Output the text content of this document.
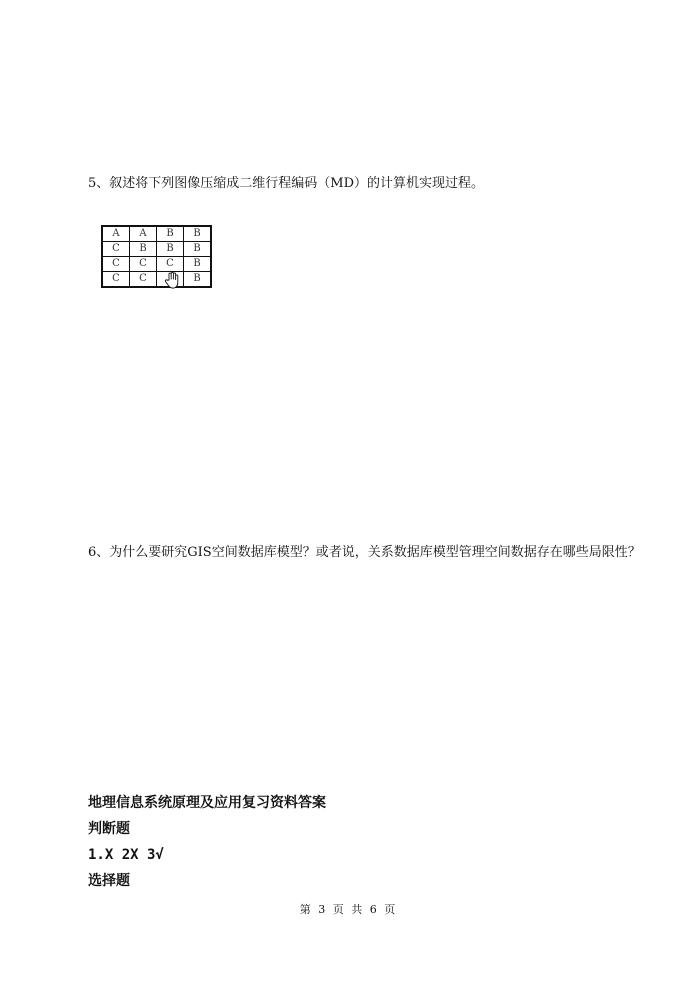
5、叙述将下列图像压缩成二维行程编码（MD）的计算机实现过程。
A	A	B	B
C	B	B	B
C	C	C	B
C	C		B
6、为什么要研究GIS空间数据库模型？或者说，关系数据库模型管理空间数据存在哪些局限性？
地理信息系统原理及应用复习资料答案
判断题
1.X 2X 3√
选择题
第 3 页 共 6 页
